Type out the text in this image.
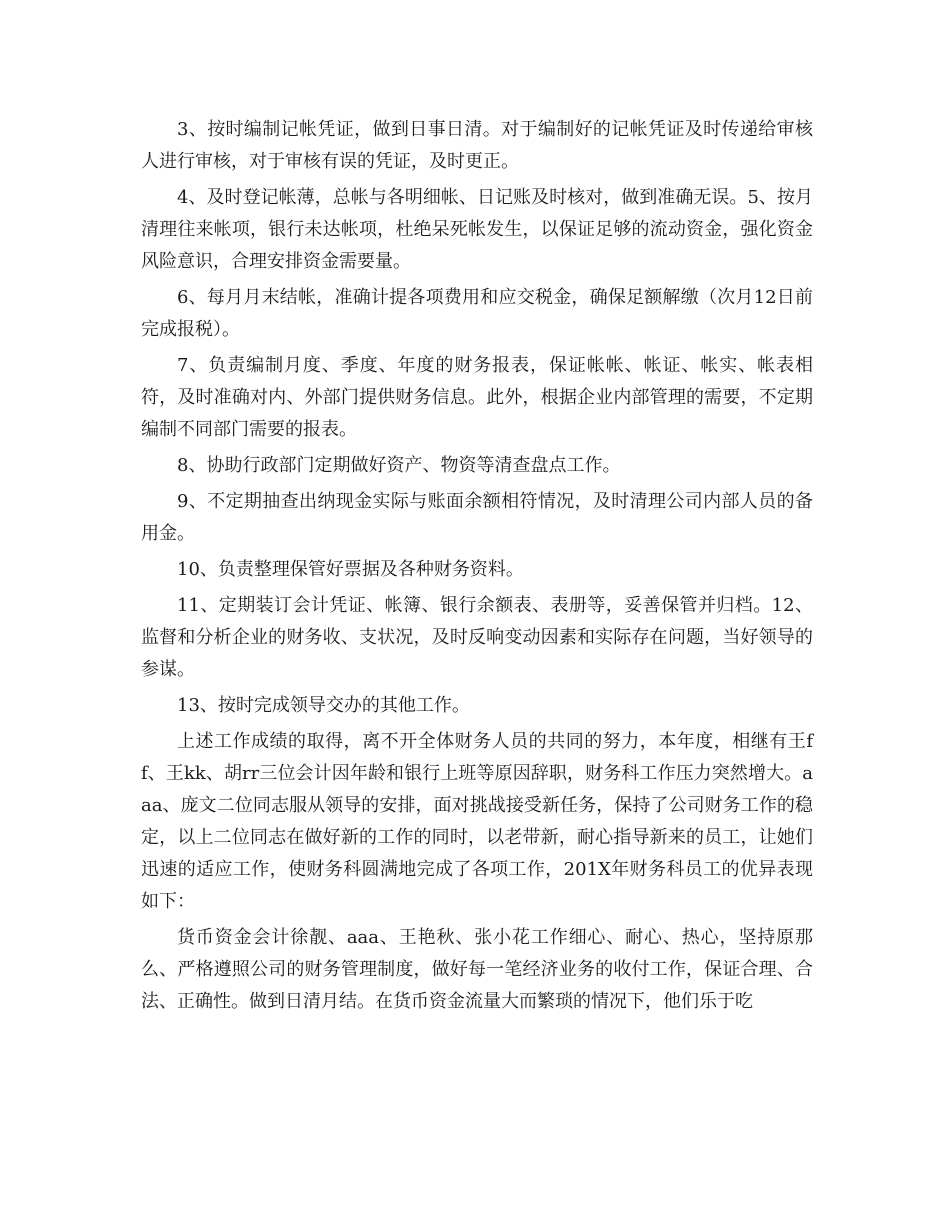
3、按时编制记帐凭证，做到日事日清。对于编制好的记帐凭证及时传递给审核人进行审核，对于审核有误的凭证，及时更正。

4、及时登记帐薄，总帐与各明细帐、日记账及时核对，做到准确无误。5、按月清理往来帐项，银行未达帐项，杜绝呆死帐发生，以保证足够的流动资金，强化资金风险意识，合理安排资金需要量。

6、每月月末结帐，准确计提各项费用和应交税金，确保足额解缴（次月12日前完成报税）。

7、负责编制月度、季度、年度的财务报表，保证帐帐、帐证、帐实、帐表相符，及时准确对内、外部门提供财务信息。此外，根据企业内部管理的需要，不定期编制不同部门需要的报表。

8、协助行政部门定期做好资产、物资等清查盘点工作。

9、不定期抽查出纳现金实际与账面余额相符情况，及时清理公司内部人员的备用金。

10、负责整理保管好票据及各种财务资料。

11、定期装订会计凭证、帐簿、银行余额表、表册等，妥善保管并归档。12、监督和分析企业的财务收、支状况，及时反响变动因素和实际存在问题，当好领导的参谋。

13、按时完成领导交办的其他工作。

上述工作成绩的取得，离不开全体财务人员的共同的努力，本年度，相继有王ff、王kk、胡rr三位会计因年龄和银行上班等原因辞职，财务科工作压力突然增大。aaa、庞文二位同志服从领导的安排，面对挑战接受新任务，保持了公司财务工作的稳定，以上二位同志在做好新的工作的同时，以老带新，耐心指导新来的员工，让她们迅速的适应工作，使财务科圆满地完成了各项工作，201X年财务科员工的优异表现如下：

货币资金会计徐靓、aaa、王艳秋、张小花工作细心、耐心、热心，坚持原那么、严格遵照公司的财务管理制度，做好每一笔经济业务的收付工作，保证合理、合法、正确性。做到日清月结。在货币资金流量大而繁琐的情况下，他们乐于吃
